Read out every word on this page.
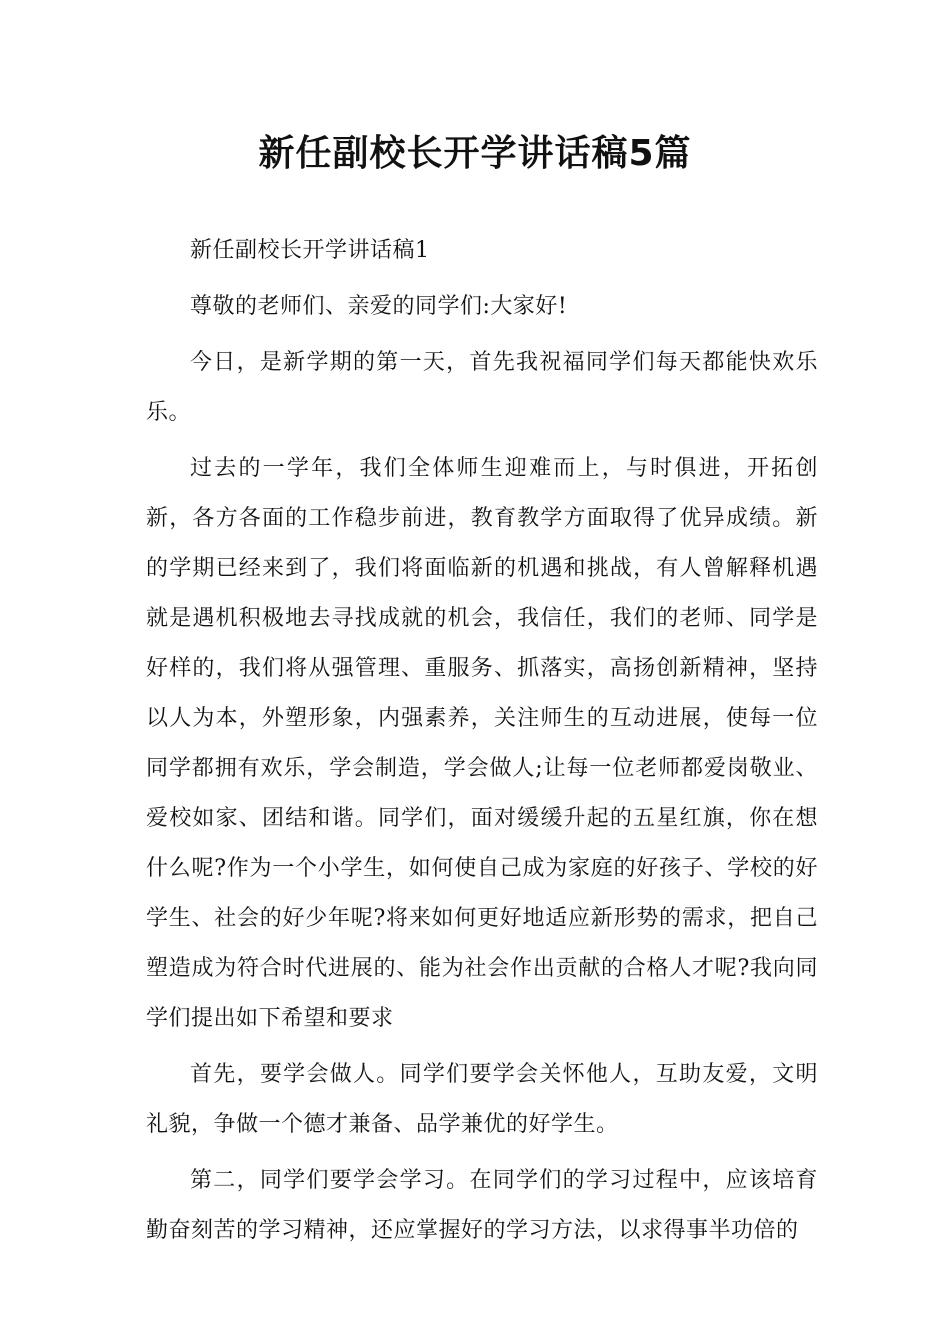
新任副校长开学讲话稿5篇

新任副校长开学讲话稿1

尊敬的老师们、亲爱的同学们:大家好!

今日，是新学期的第一天，首先我祝福同学们每天都能快欢乐乐。

过去的一学年，我们全体师生迎难而上，与时俱进，开拓创新，各方各面的工作稳步前进，教育教学方面取得了优异成绩。新的学期已经来到了，我们将面临新的机遇和挑战，有人曾解释机遇就是遇机积极地去寻找成就的机会，我信任，我们的老师、同学是好样的，我们将从强管理、重服务、抓落实，高扬创新精神，坚持以人为本，外塑形象，内强素养，关注师生的互动进展，使每一位同学都拥有欢乐，学会制造，学会做人;让每一位老师都爱岗敬业、爱校如家、团结和谐。同学们，面对缓缓升起的五星红旗，你在想什么呢?作为一个小学生，如何使自己成为家庭的好孩子、学校的好学生、社会的好少年呢?将来如何更好地适应新形势的需求，把自己塑造成为符合时代进展的、能为社会作出贡献的合格人才呢?我向同学们提出如下希望和要求

首先，要学会做人。同学们要学会关怀他人，互助友爱，文明礼貌，争做一个德才兼备、品学兼优的好学生。

第二，同学们要学会学习。在同学们的学习过程中，应该培育勤奋刻苦的学习精神，还应掌握好的学习方法，以求得事半功倍的
